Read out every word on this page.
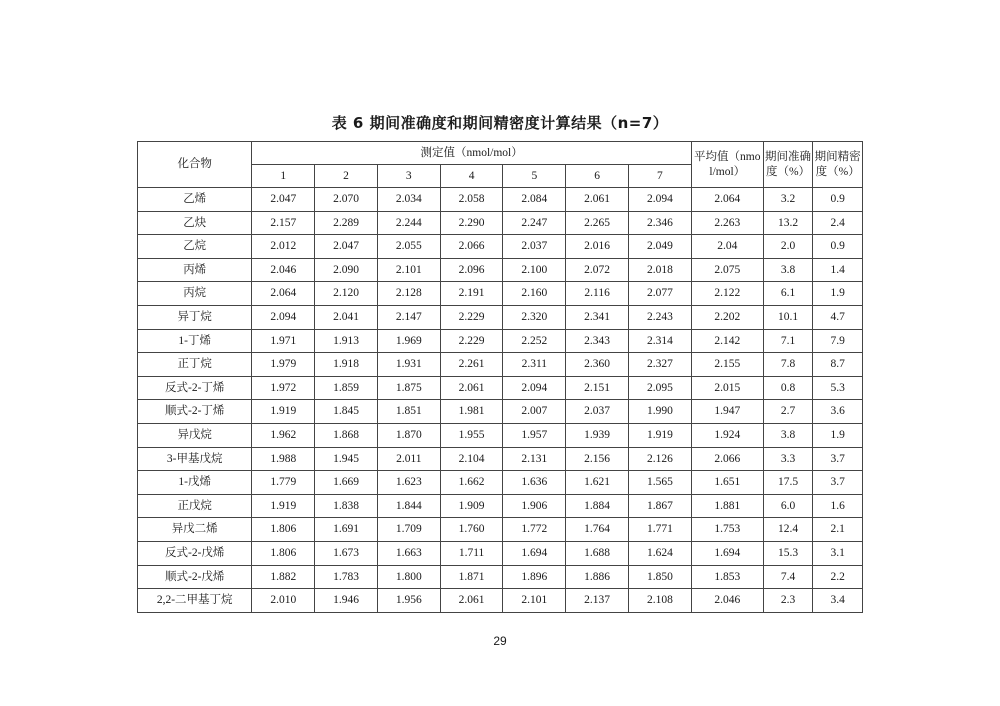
表 6 期间准确度和期间精密度计算结果（n=7）
化合物	测定值（nmol/mol）							平均值（nmo l/mol）	期间准确度（%）	期间精密度（%）
	1	2	3	4	5	6	7			
乙烯	2.047	2.070	2.034	2.058	2.084	2.061	2.094	2.064	3.2	0.9
乙炔	2.157	2.289	2.244	2.290	2.247	2.265	2.346	2.263	13.2	2.4
乙烷	2.012	2.047	2.055	2.066	2.037	2.016	2.049	2.04	2.0	0.9
丙烯	2.046	2.090	2.101	2.096	2.100	2.072	2.018	2.075	3.8	1.4
丙烷	2.064	2.120	2.128	2.191	2.160	2.116	2.077	2.122	6.1	1.9
异丁烷	2.094	2.041	2.147	2.229	2.320	2.341	2.243	2.202	10.1	4.7
1-丁烯	1.971	1.913	1.969	2.229	2.252	2.343	2.314	2.142	7.1	7.9
正丁烷	1.979	1.918	1.931	2.261	2.311	2.360	2.327	2.155	7.8	8.7
反式-2-丁烯	1.972	1.859	1.875	2.061	2.094	2.151	2.095	2.015	0.8	5.3
顺式-2-丁烯	1.919	1.845	1.851	1.981	2.007	2.037	1.990	1.947	2.7	3.6
异戊烷	1.962	1.868	1.870	1.955	1.957	1.939	1.919	1.924	3.8	1.9
3-甲基戊烷	1.988	1.945	2.011	2.104	2.131	2.156	2.126	2.066	3.3	3.7
1-戊烯	1.779	1.669	1.623	1.662	1.636	1.621	1.565	1.651	17.5	3.7
正戊烷	1.919	1.838	1.844	1.909	1.906	1.884	1.867	1.881	6.0	1.6
异戊二烯	1.806	1.691	1.709	1.760	1.772	1.764	1.771	1.753	12.4	2.1
反式-2-戊烯	1.806	1.673	1.663	1.711	1.694	1.688	1.624	1.694	15.3	3.1
顺式-2-戊烯	1.882	1.783	1.800	1.871	1.896	1.886	1.850	1.853	7.4	2.2
2,2-二甲基丁烷	2.010	1.946	1.956	2.061	2.101	2.137	2.108	2.046	2.3	3.4
29
